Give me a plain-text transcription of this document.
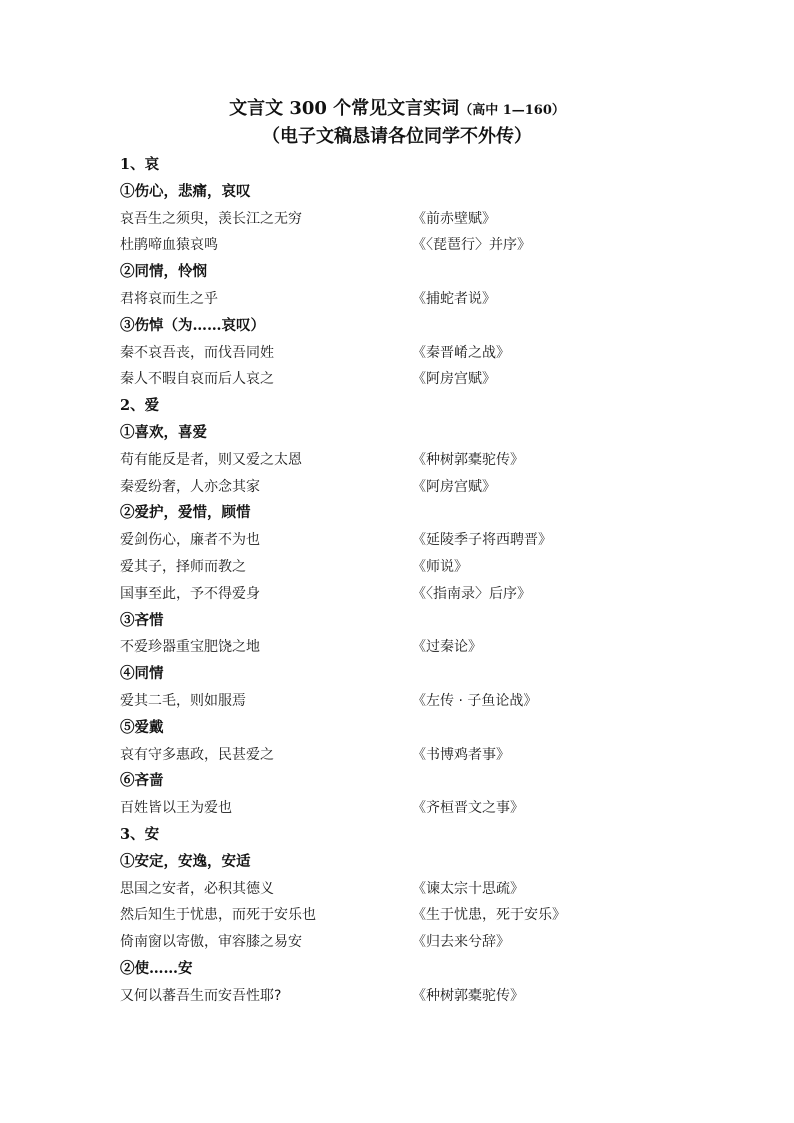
文言文 300 个常见文言实词（高中 1—160）
（电子文稿恳请各位同学不外传）
1、哀
①伤心，悲痛，哀叹
哀吾生之须臾，羡长江之无穷	《前赤壁赋》
杜鹃啼血猿哀鸣	《〈琵琶行〉并序》
②同情，怜悯
君将哀而生之乎	《捕蛇者说》
③伤悼（为……哀叹）
秦不哀吾丧，而伐吾同姓	《秦晋崤之战》
秦人不暇自哀而后人哀之	《阿房宫赋》
2、爱
①喜欢，喜爱
苟有能反是者，则又爱之太恩	《种树郭橐驼传》
秦爱纷奢，人亦念其家	《阿房宫赋》
②爱护，爱惜，顾惜
爱剑伤心，廉者不为也	《延陵季子将西聘晋》
爱其子，择师而教之	《师说》
国事至此，予不得爱身	《〈指南录〉后序》
③吝惜
不爱珍器重宝肥饶之地	《过秦论》
④同情
爱其二毛，则如服焉	《左传 · 子鱼论战》
⑤爱戴
哀有守多惠政，民甚爱之	《书博鸡者事》
⑥吝啬
百姓皆以王为爱也	《齐桓晋文之事》
3、安
①安定，安逸，安适
思国之安者，必积其德义	《谏太宗十思疏》
然后知生于忧患，而死于安乐也	《生于忧患，死于安乐》
倚南窗以寄傲，审容膝之易安	《归去来兮辞》
②使……安
又何以蕃吾生而安吾性耶?	《种树郭橐驼传》
